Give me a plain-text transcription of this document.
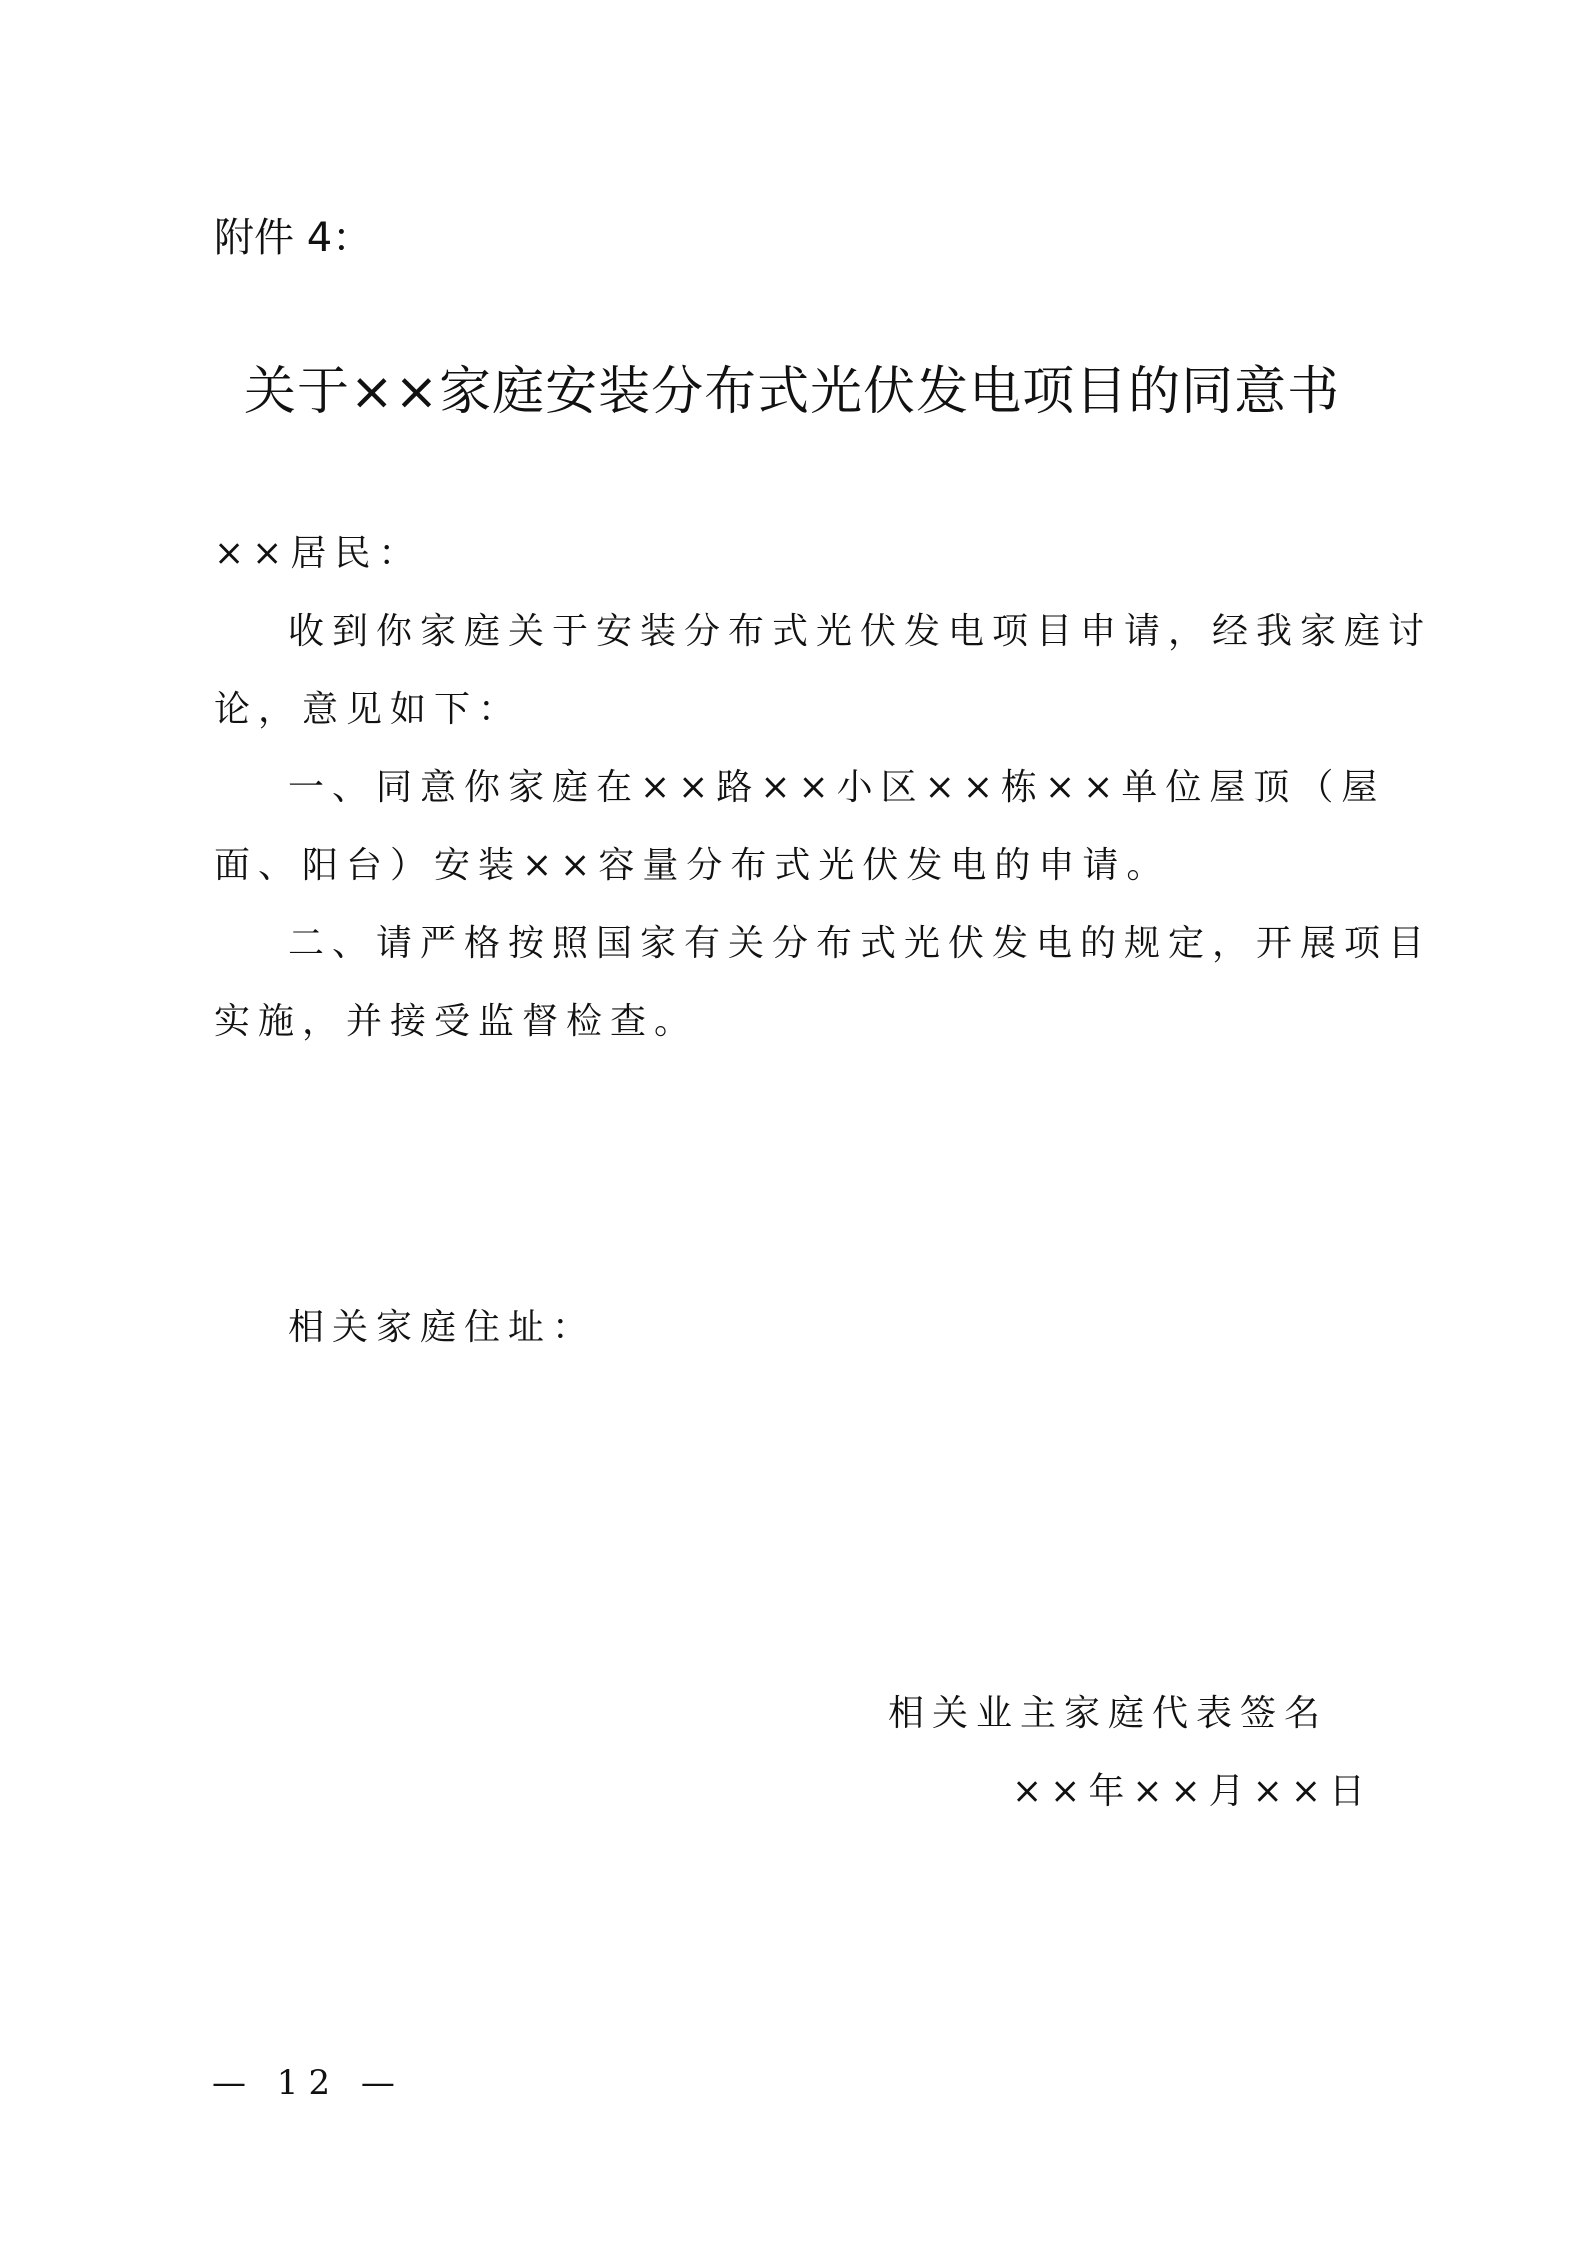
附件 4：
关于××家庭安装分布式光伏发电项目的同意书
××居民：
收到你家庭关于安装分布式光伏发电项目申请，经我家庭讨
论，意见如下：
一、同意你家庭在××路××小区××栋××单位屋顶（屋
面、阳台）安装××容量分布式光伏发电的申请。
二、请严格按照国家有关分布式光伏发电的规定，开展项目
实施，并接受监督检查。
相关家庭住址：
相关业主家庭代表签名
××年××月××日
— 12 —
